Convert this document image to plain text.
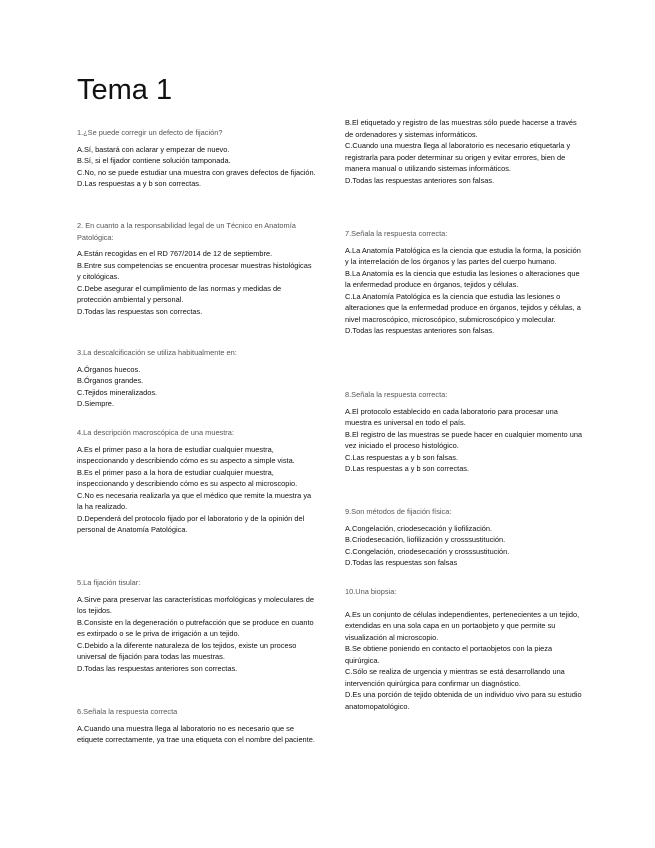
Tema 1

1.¿Se puede corregir un defecto de fijación?

A.Sí, bastará con aclarar y empezar de nuevo.

B.Sí, si el fijador contiene solución tamponada.

C.No, no se puede estudiar una muestra con graves defectos de fijación.

D.Las respuestas a y b son correctas.

2. En cuanto a la responsabilidad legal de un Técnico en Anatomía Patológica:

A.Están recogidas en el RD 767/2014 de 12 de septiembre.

B.Entre sus competencias se encuentra procesar muestras histológicas y citológicas.

C.Debe asegurar el cumplimiento de las normas y medidas de protección ambiental y personal.

D.Todas las respuestas son correctas.

3.La descalcificación se utiliza habitualmente en:

A.Órganos huecos.

B.Órganos grandes.

C.Tejidos mineralizados.

D.Siempre.

4.La descripción macroscópica de una muestra:

A.Es el primer paso a la hora de estudiar cualquier muestra, inspeccionando y describiendo cómo es su aspecto a simple vista.

B.Es el primer paso a la hora de estudiar cualquier muestra, inspeccionando y describiendo cómo es su aspecto al microscopio.

C.No es necesaria realizarla ya que el médico que remite la muestra ya la ha realizado.

D.Dependerá del protocolo fijado por el laboratorio y de la opinión del personal de Anatomía Patológica.

5.La fijación tisular:

A.Sirve para preservar las características morfológicas y moleculares de los tejidos.

B.Consiste en la degeneración o putrefacción que se produce en cuanto es extirpado o se le priva de irrigación a un tejido.

C.Debido a la diferente naturaleza de los tejidos, existe un proceso universal de fijación para todas las muestras.

D.Todas las respuestas anteriores son correctas.

6.Señala la respuesta correcta

A.Cuando una muestra llega al laboratorio no es necesario que se etiquete correctamente, ya trae una etiqueta con el nombre del paciente.

B.El etiquetado y registro de las muestras sólo puede hacerse a través de ordenadores y sistemas informáticos.

C.Cuando una muestra llega al laboratorio es necesario etiquetarla y registrarla para poder determinar su origen y evitar errores, bien de manera manual o utilizando sistemas informáticos.

D.Todas las respuestas anteriores son falsas.

7.Señala la respuesta correcta:

A.La Anatomía Patológica es la ciencia que estudia la forma, la posición y la interrelación de los órganos y las partes del cuerpo humano.

B.La Anatomía es la ciencia que estudia las lesiones o alteraciones que la enfermedad produce en órganos, tejidos y células.

C.La Anatomía Patológica es la ciencia que estudia las lesiones o alteraciones que la enfermedad produce en órganos, tejidos y células, a nivel macroscópico, microscópico, submicroscópico y molecular.

D.Todas las respuestas anteriores son falsas.

8.Señala la respuesta correcta:

A.El protocolo establecido en cada laboratorio para procesar una muestra es universal en todo el país.

B.El registro de las muestras se puede hacer en cualquier momento una vez iniciado el proceso histológico.

C.Las respuestas a y b son falsas.

D.Las respuestas a y b son correctas.

9.Son métodos de fijación física:

A.Congelación, criodesecación y liofilización.

B.Criodesecación, liofilización y crosssustitución.

C.Congelación, criodesecación y crosssustitución.

D.Todas las respuestas son falsas

10.Una biopsia:

A.Es un conjunto de células independientes, pertenecientes a un tejido, extendidas en una sola capa en un portaobjeto y que permite su visualización al microscopio.

B.Se obtiene poniendo en contacto el portaobjetos con la pieza quirúrgica.

C.Sólo se realiza de urgencia y mientras se está desarrollando una intervención quirúrgica para confirmar un diagnóstico.

D.Es una porción de tejido obtenida de un individuo vivo para su estudio anatomopatológico.
